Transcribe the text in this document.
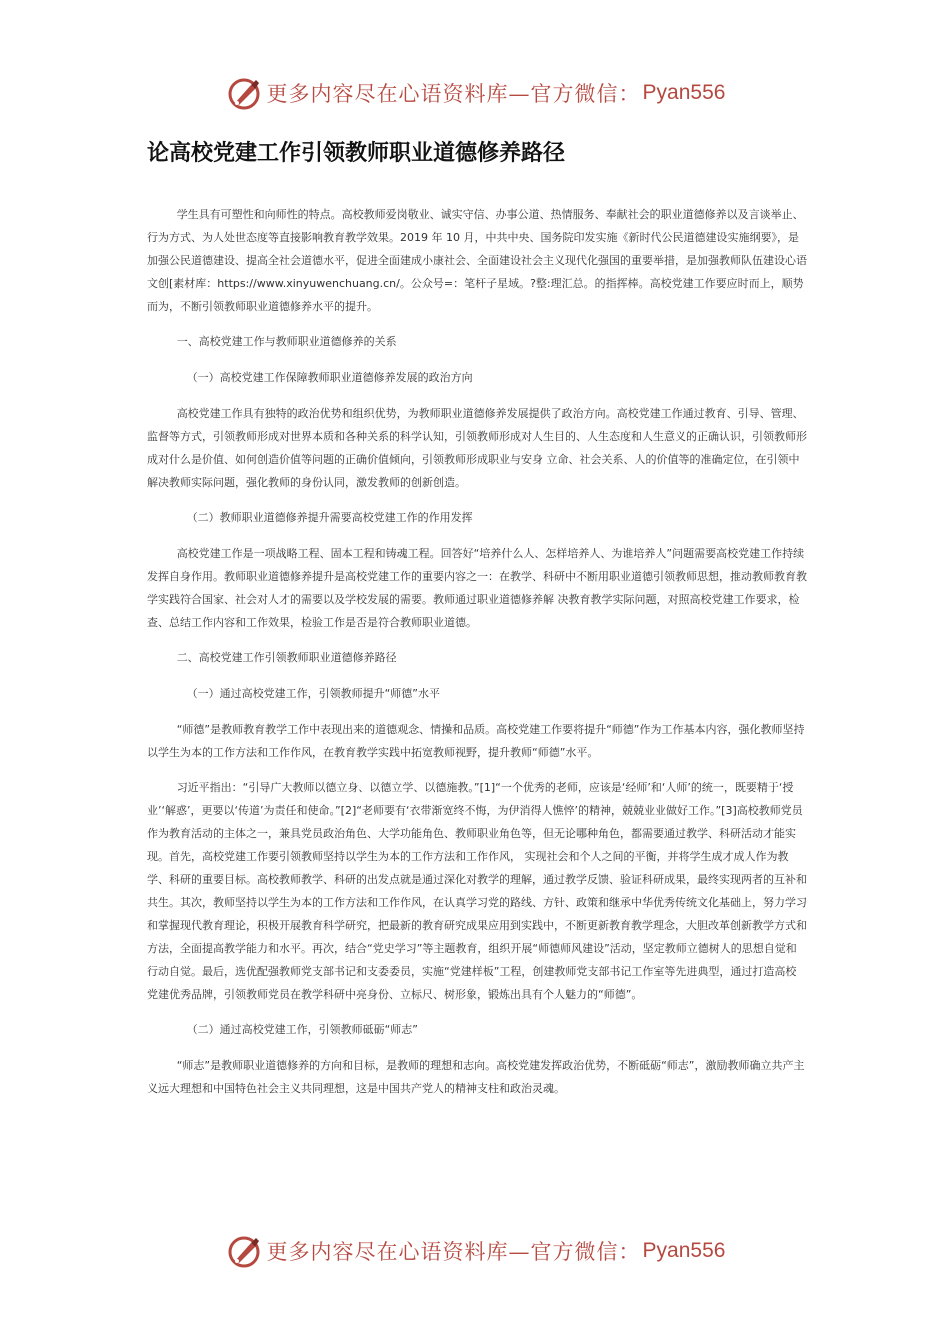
更多内容尽在心语资料库—官方微信： Pyan556
论高校党建工作引领教师职业道德修养路径

学生具有可塑性和向师性的特点。高校教师爱岗敬业、诚实守信、办事公道、热情服务、奉献社会的职业道德修养以及言谈举止、行为方式、为人处世态度等直接影响教育教学效果。2019 年 10 月，中共中央、国务院印发实施《新时代公民道德建设实施纲要》，是加强公民道德建设、提高全社会道德水平，促进全面建成小康社会、全面建设社会主义现代化强国的重要举措，是加强教师队伍建设心语文创[素材库：https://www.xinyuwenchuang.cn/。公众号=：笔杆子星域。?整:理汇总。的指挥棒。高校党建工作要应时而上，顺势而为，不断引领教师职业道德修养水平的提升。

一、高校党建工作与教师职业道德修养的关系

（一）高校党建工作保障教师职业道德修养发展的政治方向

高校党建工作具有独特的政治优势和组织优势，为教师职业道德修养发展提供了政治方向。高校党建工作通过教育、引导、管理、监督等方式，引领教师形成对世界本质和各种关系的科学认知，引领教师形成对人生目的、人生态度和人生意义的正确认识，引领教师形成对什么是价值、如何创造价值等问题的正确价值倾向，引领教师形成职业与安身 立命、社会关系、人的价值等的准确定位，在引领中解决教师实际问题，强化教师的身份认同，激发教师的创新创造。

（二）教师职业道德修养提升需要高校党建工作的作用发挥

高校党建工作是一项战略工程、固本工程和铸魂工程。回答好“培养什么人、怎样培养人、为谁培养人”问题需要高校党建工作持续发挥自身作用。教师职业道德修养提升是高校党建工作的重要内容之一：在教学、科研中不断用职业道德引领教师思想，推动教师教育教学实践符合国家、社会对人才的需要以及学校发展的需要。教师通过职业道德修养解 决教育教学实际问题，对照高校党建工作要求，检查、总结工作内容和工作效果，检验工作是否是符合教师职业道德。

二、高校党建工作引领教师职业道德修养路径

（一）通过高校党建工作，引领教师提升“师德”水平

“师德”是教师教育教学工作中表现出来的道德观念、情操和品质。高校党建工作要将提升“师德”作为工作基本内容，强化教师坚持以学生为本的工作方法和工作作风，在教育教学实践中拓宽教师视野，提升教师“师德”水平。

习近平指出：“引导广大教师以德立身、以德立学、以德施教。”[1]“一个优秀的老师，应该是‘经师’和‘人师’的统一，既要精于‘授业’‘解惑’，更要以‘传道’为责任和使命。”[2]“老师要有‘衣带渐宽终不悔，为伊消得人憔悴’的精神，兢兢业业做好工作。”[3]高校教师党员作为教育活动的主体之一，兼具党员政治角色、大学功能角色、教师职业角色等，但无论哪种角色，都需要通过教学、科研活动才能实现。首先，高校党建工作要引领教师坚持以学生为本的工作方法和工作作风， 实现社会和个人之间的平衡，并将学生成才成人作为教学、科研的重要目标。高校教师教学、科研的出发点就是通过深化对教学的理解，通过教学反馈、验证科研成果，最终实现两者的互补和共生。其次，教师坚持以学生为本的工作方法和工作作风，在认真学习党的路线、方针、政策和继承中华优秀传统文化基础上，努力学习和掌握现代教育理论，积极开展教育科学研究，把最新的教育研究成果应用到实践中，不断更新教育教学理念，大胆改革创新教学方式和方法，全面提高教学能力和水平。再次，结合“党史学习”等主题教育，组织开展“师德师风建设”活动，坚定教师立德树人的思想自觉和行动自觉。最后，选优配强教师党支部书记和支委委员，实施“党建样板”工程，创建教师党支部书记工作室等先进典型，通过打造高校党建优秀品牌，引领教师党员在教学科研中亮身份、立标尺、树形象，锻炼出具有个人魅力的“师德”。

（二）通过高校党建工作，引领教师砥砺“师志”

“师志”是教师职业道德修养的方向和目标，是教师的理想和志向。高校党建发挥政治优势，不断砥砺“师志”，激励教师确立共产主义远大理想和中国特色社会主义共同理想，这是中国共产党人的精神支柱和政治灵魂。

更多内容尽在心语资料库—官方微信： Pyan556
